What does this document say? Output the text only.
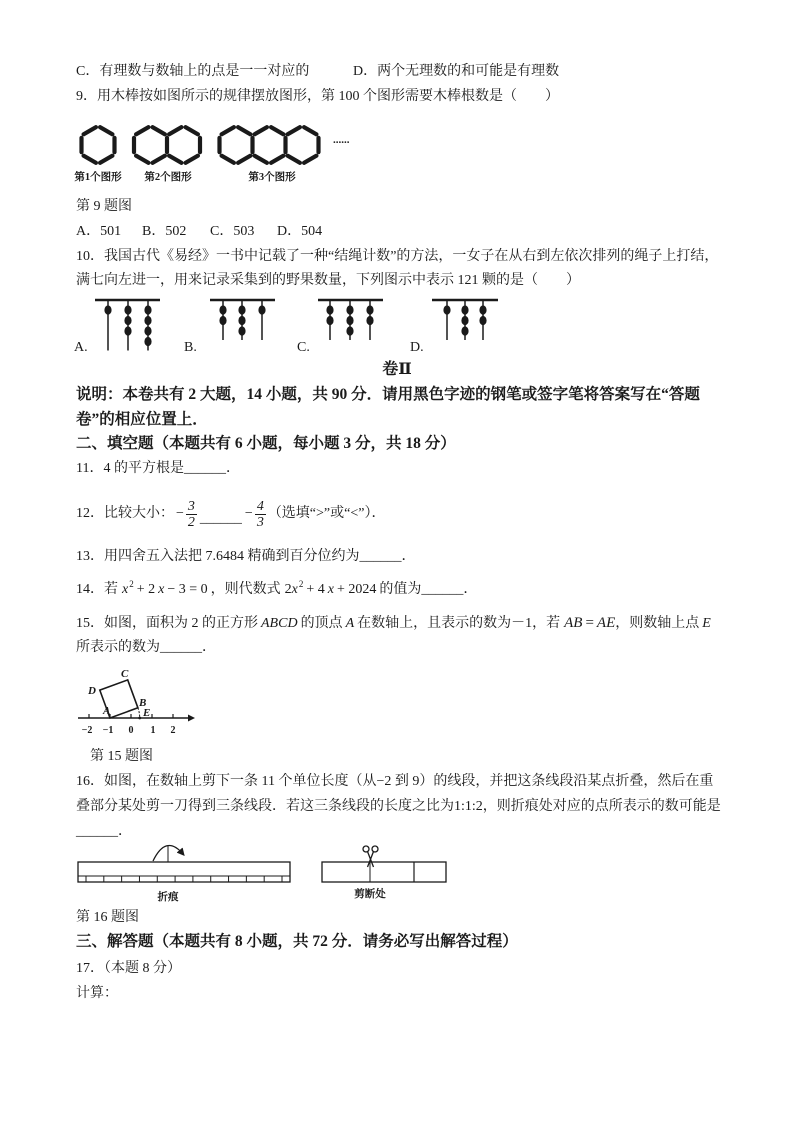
第1个图形 第2个图形	第3个图形
......
−2 −1 0 1 2
D
C
A
B
E
折痕	剪断处
C．有理数与数轴上的点是一一对应的	D．两个无理数的和可能是有理数
9．用木棒按如图所示的规律摆放图形，第 100 个图形需要木棒根数是（　　）
第 9 题图
A．501 B．502 C．503 D．504
10．我国古代《易经》一书中记载了一种“结绳计数”的方法，一女子在从右到左依次排列的绳子上打结，
满七向左进一，用来记录采集到的野果数量，下列图示中表示 121 颗的是（　　）
A.	B.	C.	D.
卷Ⅱ
说明：本卷共有 2 大题，14 小题，共 90 分．请用黑色字迹的钢笔或签字笔将答案写在“答题
卷”的相应位置上．
二、填空题（本题共有 6 小题，每小题 3 分，共 18 分）
11．4 的平方根是______．
12．比较大小： − $\frac{3}{2}$ ______ − $\frac{4}{3}$ （选填“>”或“<”）．
13．用四舍五入法把 7.6484 精确到百分位约为______．
14．若 $x^2 + 2$ x − 3 = 0 ，则代数式 $2x^2 + 4$ x + 2024 的值为______．
15．如图，面积为 2 的正方形 ABCD 的顶点 A 在数轴上，且表示的数为－1，若 AB = AE，则数轴上点 E
所表示的数为______．
第 15 题图
16．如图，在数轴上剪下一条 11 个单位长度（从−2 到 9）的线段，并把这条线段沿某点折叠，然后在重
叠部分某处剪一刀得到三条线段．若这三条线段的长度之比为1:1:2，则折痕处对应的点所表示的数可能是
______．
第 16 题图
三、解答题（本题共有 8 小题，共 72 分．请务必写出解答过程）
17．（本题 8 分）
计算：
